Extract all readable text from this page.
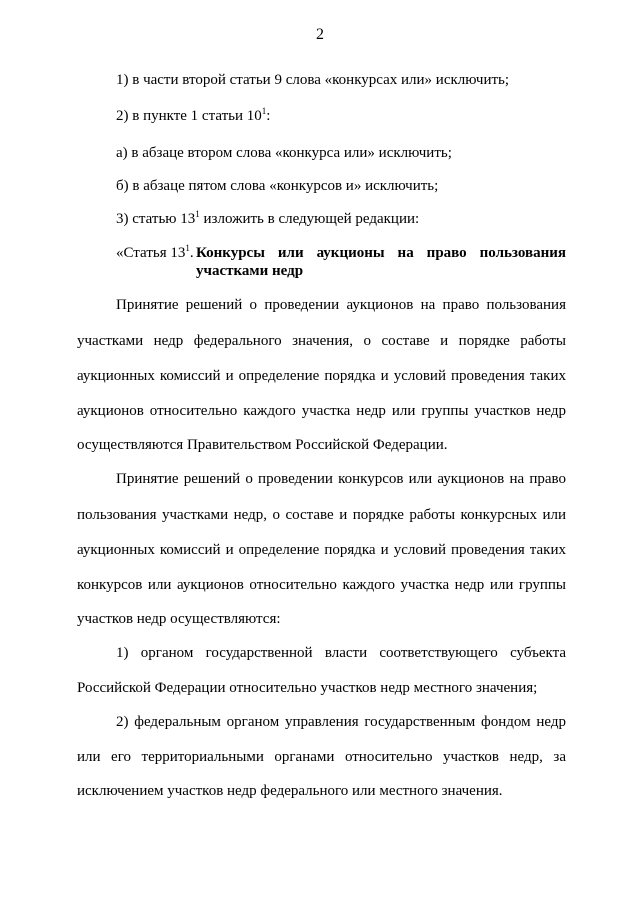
2
1) в части второй статьи 9 слова «конкурсах или» исключить;
2) в пункте 1 статьи $10^1$:
а) в абзаце втором слова «конкурса или» исключить;
б) в абзаце пятом слова «конкурсов и» исключить;
3) статью $13^1$ изложить в следующей редакции:
«Статья $13^1$. Конкурсы или аукционы на право пользования
участками недр
Принятие решений о проведении аукционов на право пользования
участками недр федерального значения, о составе и порядке работы
аукционных комиссий и определение порядка и условий проведения таких
аукционов относительно каждого участка недр или группы участков недр
осуществляются Правительством Российской Федерации.
Принятие решений о проведении конкурсов или аукционов на право
пользования участками недр, о составе и порядке работы конкурсных или
аукционных комиссий и определение порядка и условий проведения таких
конкурсов или аукционов относительно каждого участка недр или группы
участков недр осуществляются:
1) органом государственной власти соответствующего субъекта
Российской Федерации относительно участков недр местного значения;
2) федеральным органом управления государственным фондом недр
или его территориальными органами относительно участков недр, за
исключением участков недр федерального или местного значения.
